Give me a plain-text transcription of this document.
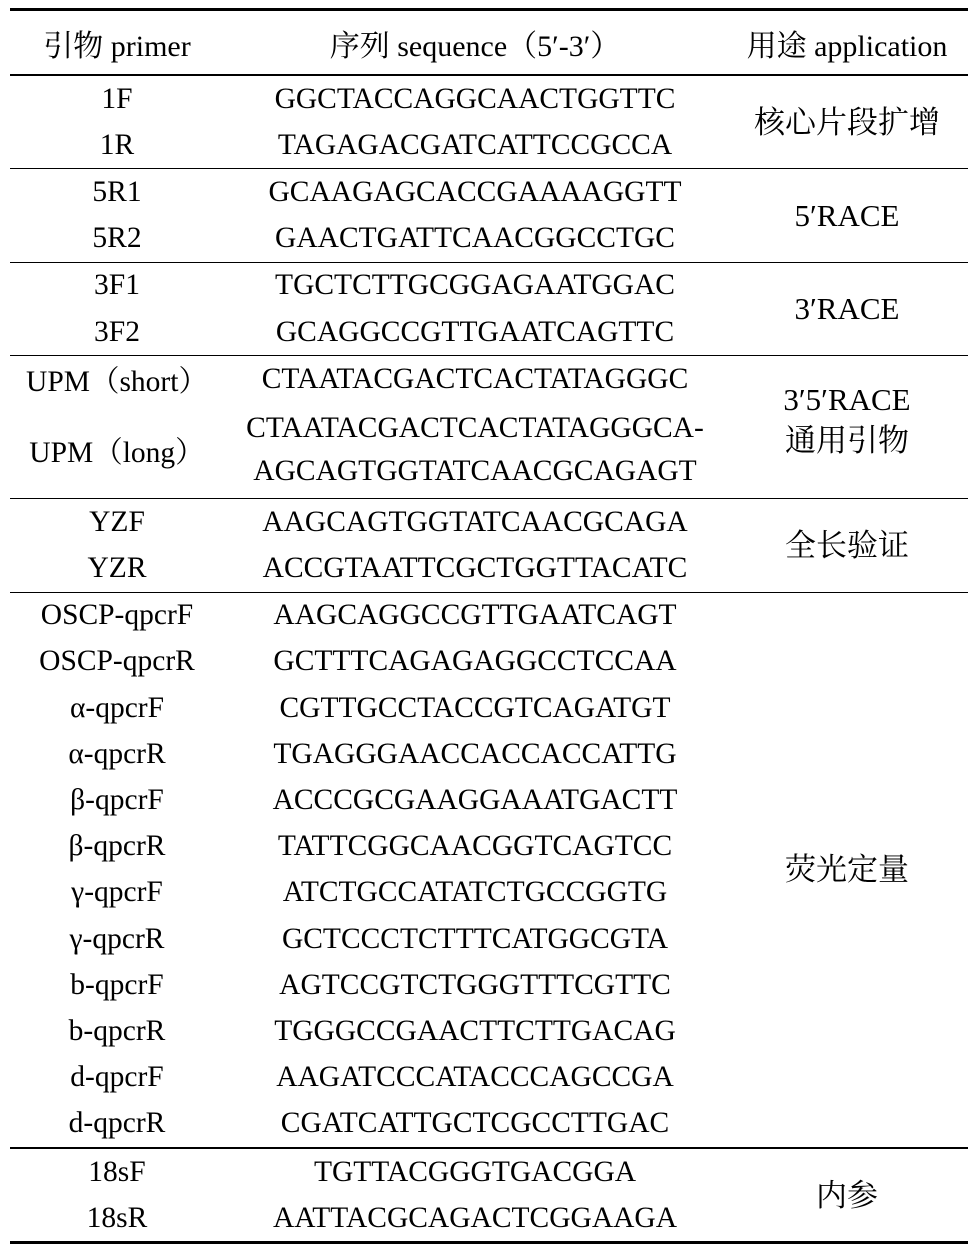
引物 primer	序列 sequence（5′-3′）	用途 application
1F
1R
GGCTACCAGGCAACTGGTTC
TAGAGACGATCATTCCGCCA
核心片段扩增
5R1
5R2
GCAAGAGCACCGAAAAGGTT
GAACTGATTCAACGGCCTGC
5′RACE
3F1
3F2
TGCTCTTGCGGAGAATGGAC
GCAGGCCGTTGAATCAGTTC
3′RACE
UPM（short）
UPM（long）
CTAATACGACTCACTATAGGGC
CTAATACGACTCACTATAGGGCA-
AGCAGTGGTATCAACGCAGAGT
3′5′RACE
通用引物
YZF
YZR
AAGCAGTGGTATCAACGCAGA
ACCGTAATTCGCTGGTTACATC
全长验证
OSCP-qpcrF
OSCP-qpcrR
α-qpcrF
α-qpcrR
β-qpcrF
β-qpcrR
γ-qpcrF
γ-qpcrR
b-qpcrF
b-qpcrR
d-qpcrF
d-qpcrR
AAGCAGGCCGTTGAATCAGT
GCTTTCAGAGAGGCCTCCAA
CGTTGCCTACCGTCAGATGT
TGAGGGAACCACCACCATTG
ACCCGCGAAGGAAATGACTT
TATTCGGCAACGGTCAGTCC
ATCTGCCATATCTGCCGGTG
GCTCCCTCTTTCATGGCGTA
AGTCCGTCTGGGTTTCGTTC
TGGGCCGAACTTCTTGACAG
AAGATCCCATACCCAGCCGA
CGATCATTGCTCGCCTTGAC
荧光定量
18sF
18sR
TGTTACGGGTGACGGA
AATTACGCAGACTCGGAAGA
内参
